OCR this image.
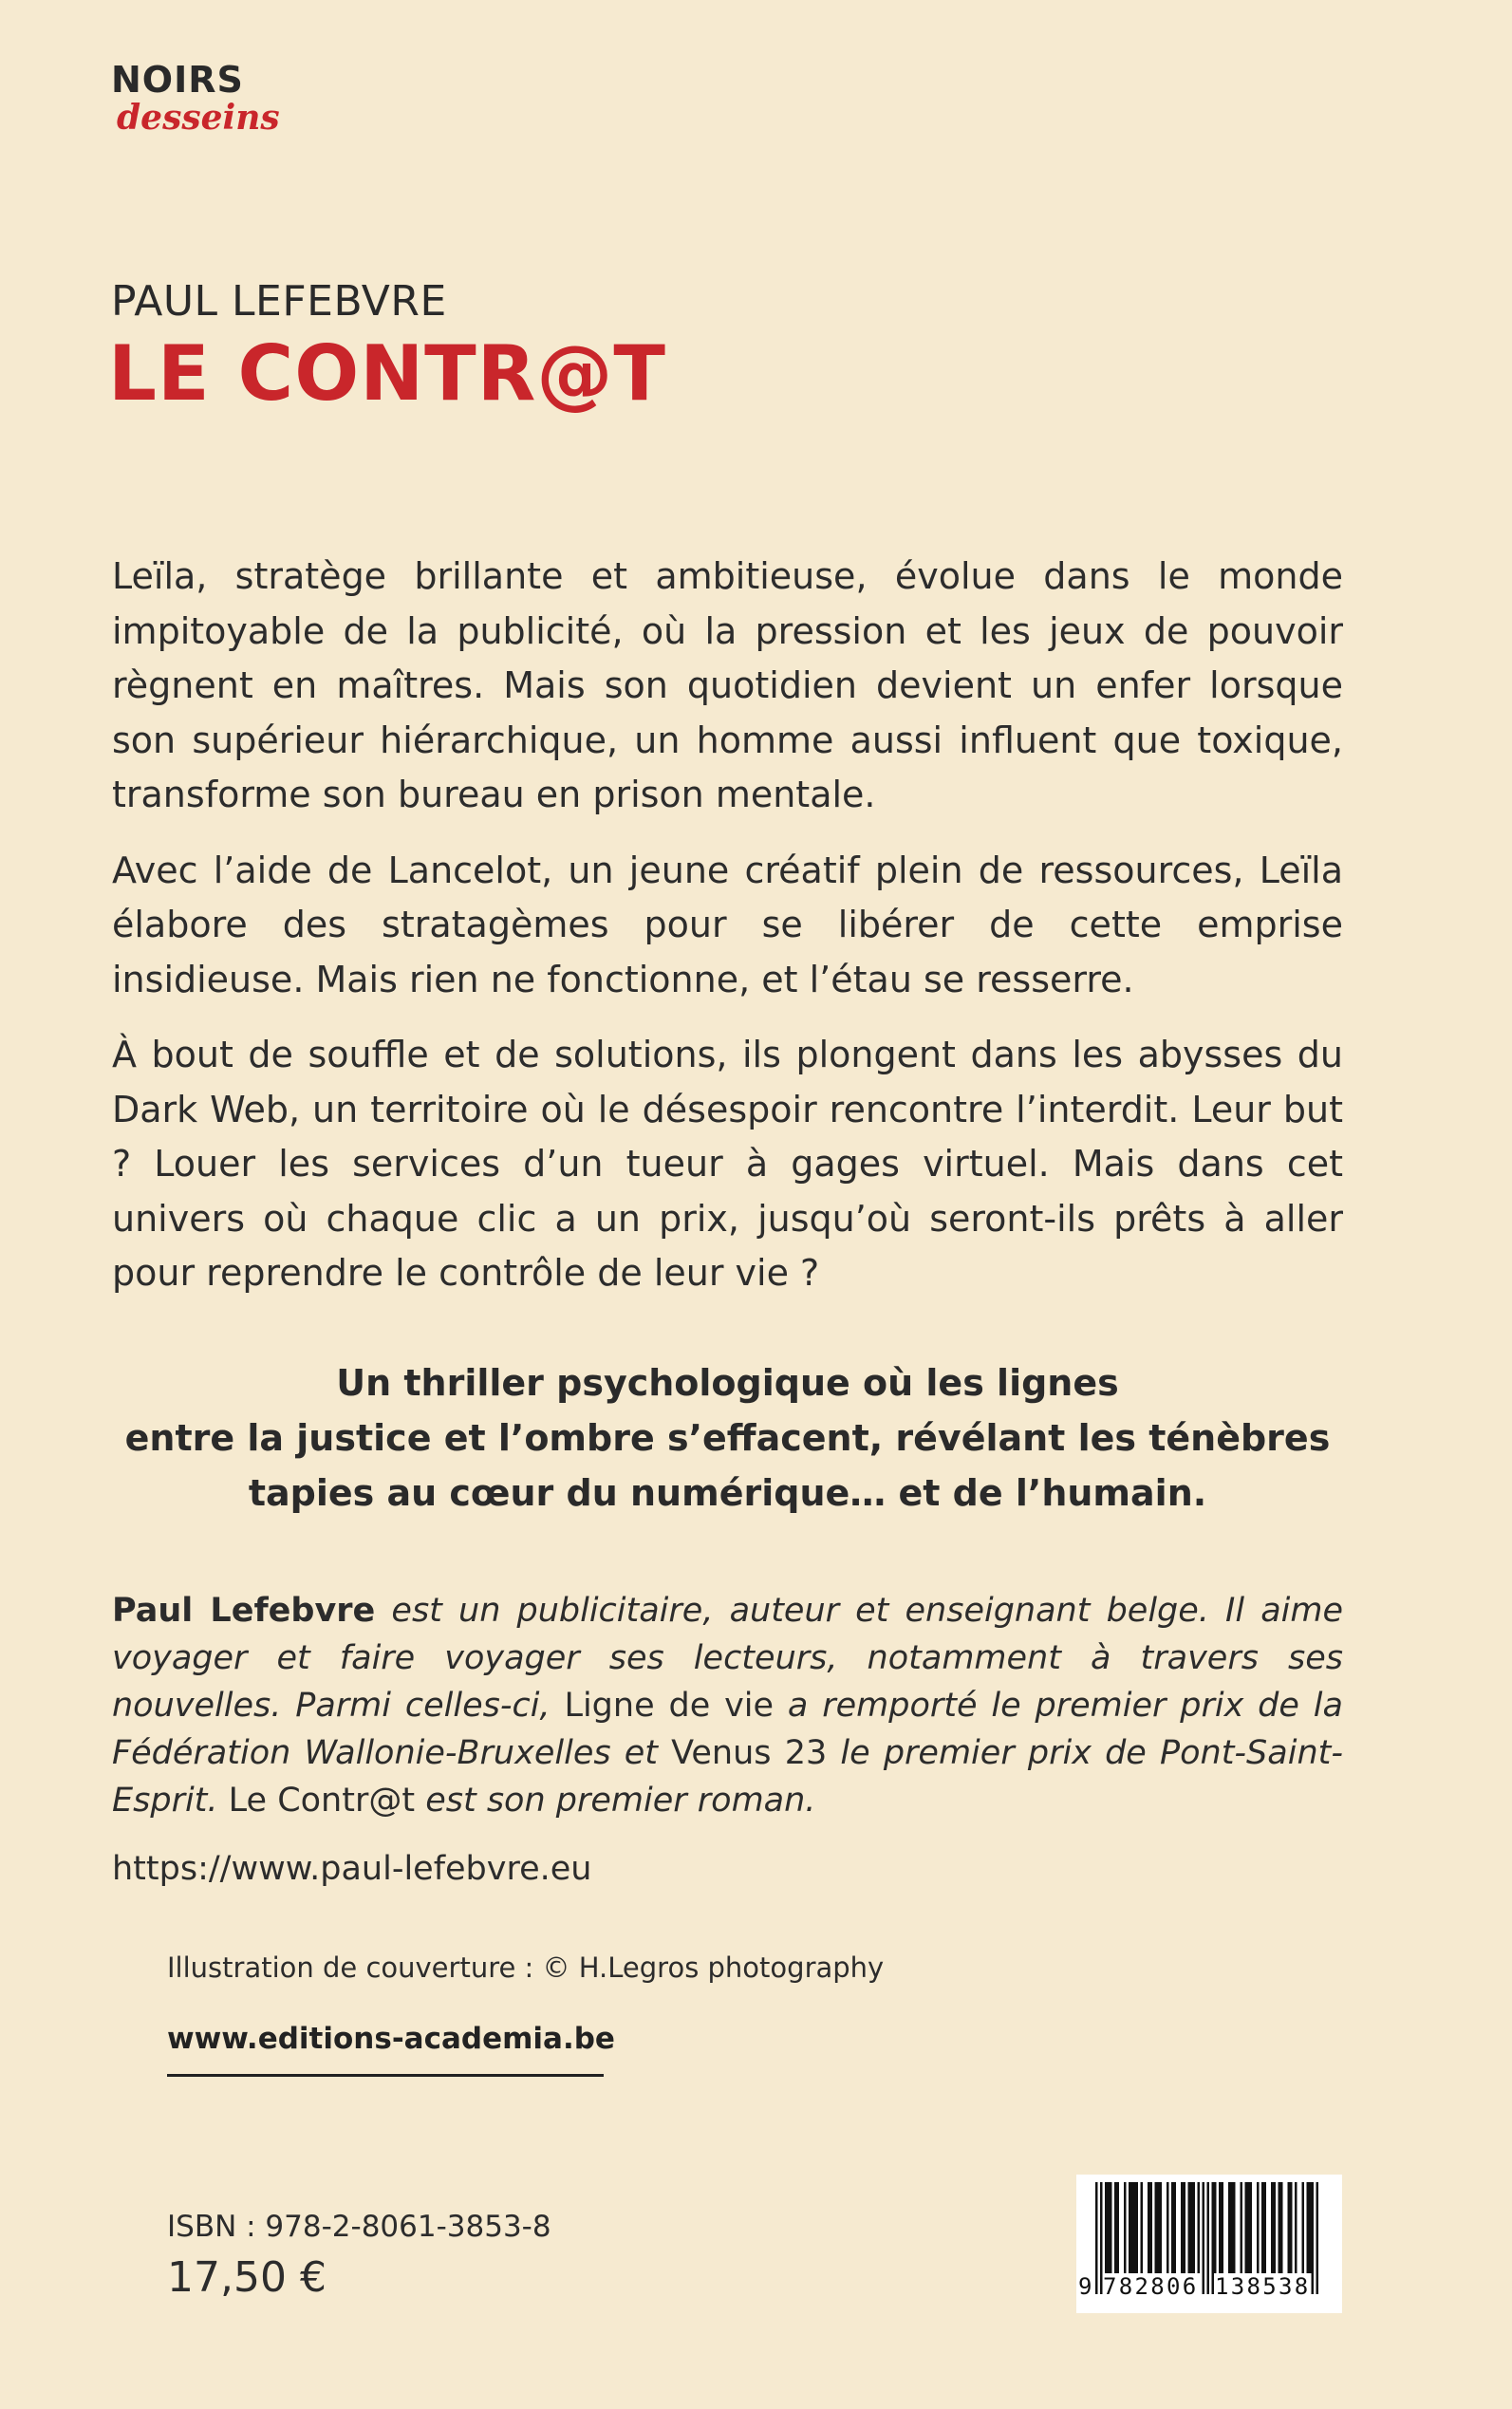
NOIRS
desseins
PAUL LEFEBVRE
LE CONTR@T

Leïla, stratège brillante et ambitieuse, évolue dans le monde impitoyable de la publicité, où la pression et les jeux de pouvoir règnent en maîtres. Mais son quotidien devient un enfer lorsque son supérieur hiérarchique, un homme aussi influent que toxique, transforme son bureau en prison mentale.

Avec l’aide de Lancelot, un jeune créatif plein de ressources, Leïla élabore des stratagèmes pour se libérer de cette emprise insidieuse. Mais rien ne fonctionne, et l’étau se resserre.

À bout de souffle et de solutions, ils plongent dans les abysses du Dark Web, un territoire où le désespoir rencontre l’interdit. Leur but ? Louer les services d’un tueur à gages virtuel. Mais dans cet univers où chaque clic a un prix, jusqu’où seront-ils prêts à aller pour reprendre le contrôle de leur vie ?

Un thriller psychologique où les lignes
entre la justice et l’ombre s’effacent, révélant les ténèbres
tapies au cœur du numérique… et de l’humain.

Paul Lefebvre est un publicitaire, auteur et enseignant belge. Il aime voyager et faire voyager ses lecteurs, notamment à travers ses nouvelles. Parmi celles-ci, Ligne de vie a remporté le premier prix de la Fédération Wallonie-Bruxelles et Venus 23 le premier prix de Pont-Saint-Esprit. Le Contr@t est son premier roman.

https://www.paul-lefebvre.eu
Illustration de couverture : © H.Legros photography
www.editions-academia.be
ISBN : 978-2-8061-3853-8
17,50 €	9 782806 138538
